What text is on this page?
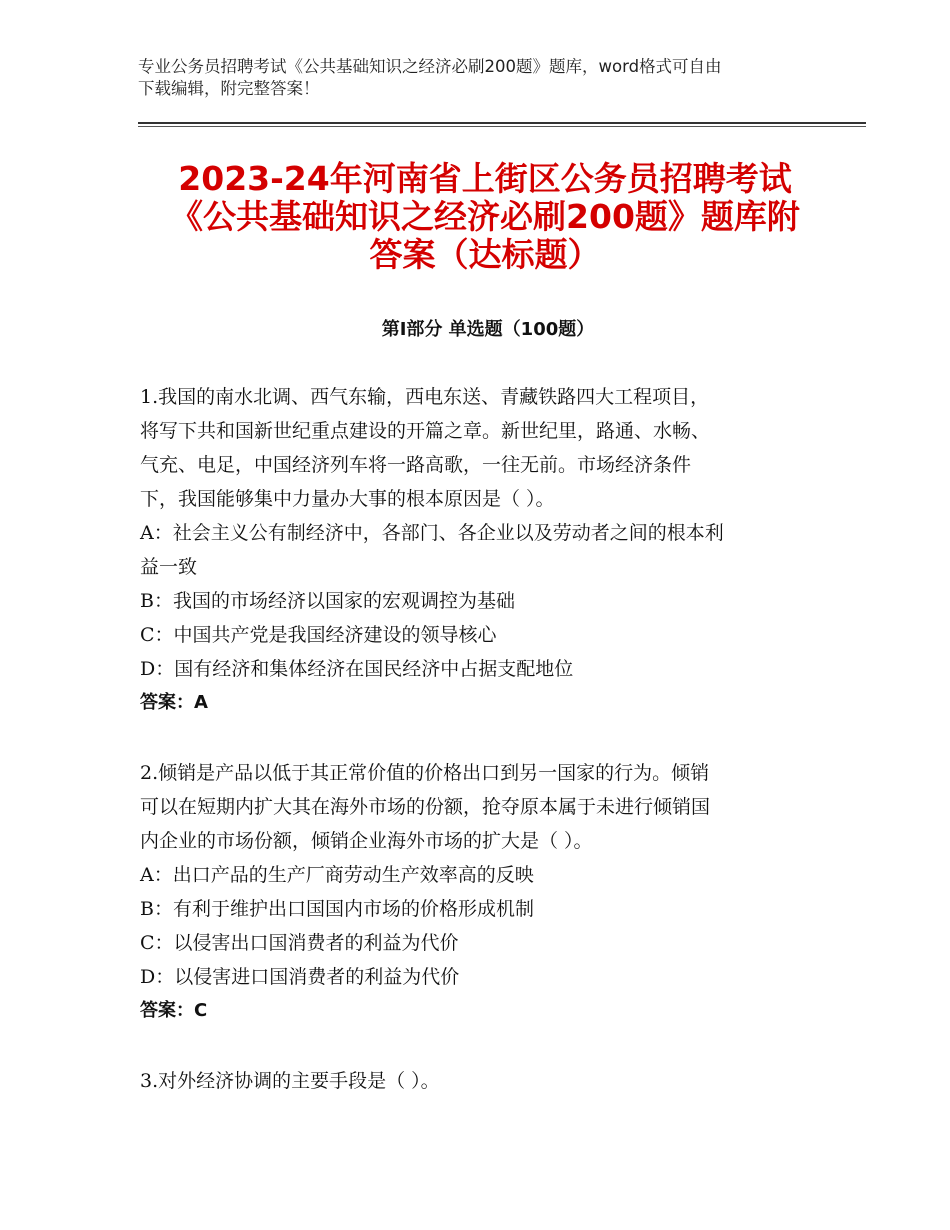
专业公务员招聘考试《公共基础知识之经济必刷200题》题库，word格式可自由
下载编辑，附完整答案！
2023-24年河南省上街区公务员招聘考试
《公共基础知识之经济必刷200题》题库附
答案（达标题）
第Ⅰ部分 单选题（100题）
1.我国的南水北调、西气东输，西电东送、青藏铁路四大工程项目，
将写下共和国新世纪重点建设的开篇之章。新世纪里，路通、水畅、
气充、电足，中国经济列车将一路高歌，一往无前。市场经济条件
下，我国能够集中力量办大事的根本原因是（ ）。
A：社会主义公有制经济中，各部门、各企业以及劳动者之间的根本利
益一致
B：我国的市场经济以国家的宏观调控为基础
C：中国共产党是我国经济建设的领导核心
D：国有经济和集体经济在国民经济中占据支配地位
答案：A
2.倾销是产品以低于其正常价值的价格出口到另一国家的行为。倾销
可以在短期内扩大其在海外市场的份额，抢夺原本属于未进行倾销国
内企业的市场份额，倾销企业海外市场的扩大是（ ）。
A：出口产品的生产厂商劳动生产效率高的反映
B：有利于维护出口国国内市场的价格形成机制
C：以侵害出口国消费者的利益为代价
D：以侵害进口国消费者的利益为代价
答案：C
3.对外经济协调的主要手段是（ ）。
